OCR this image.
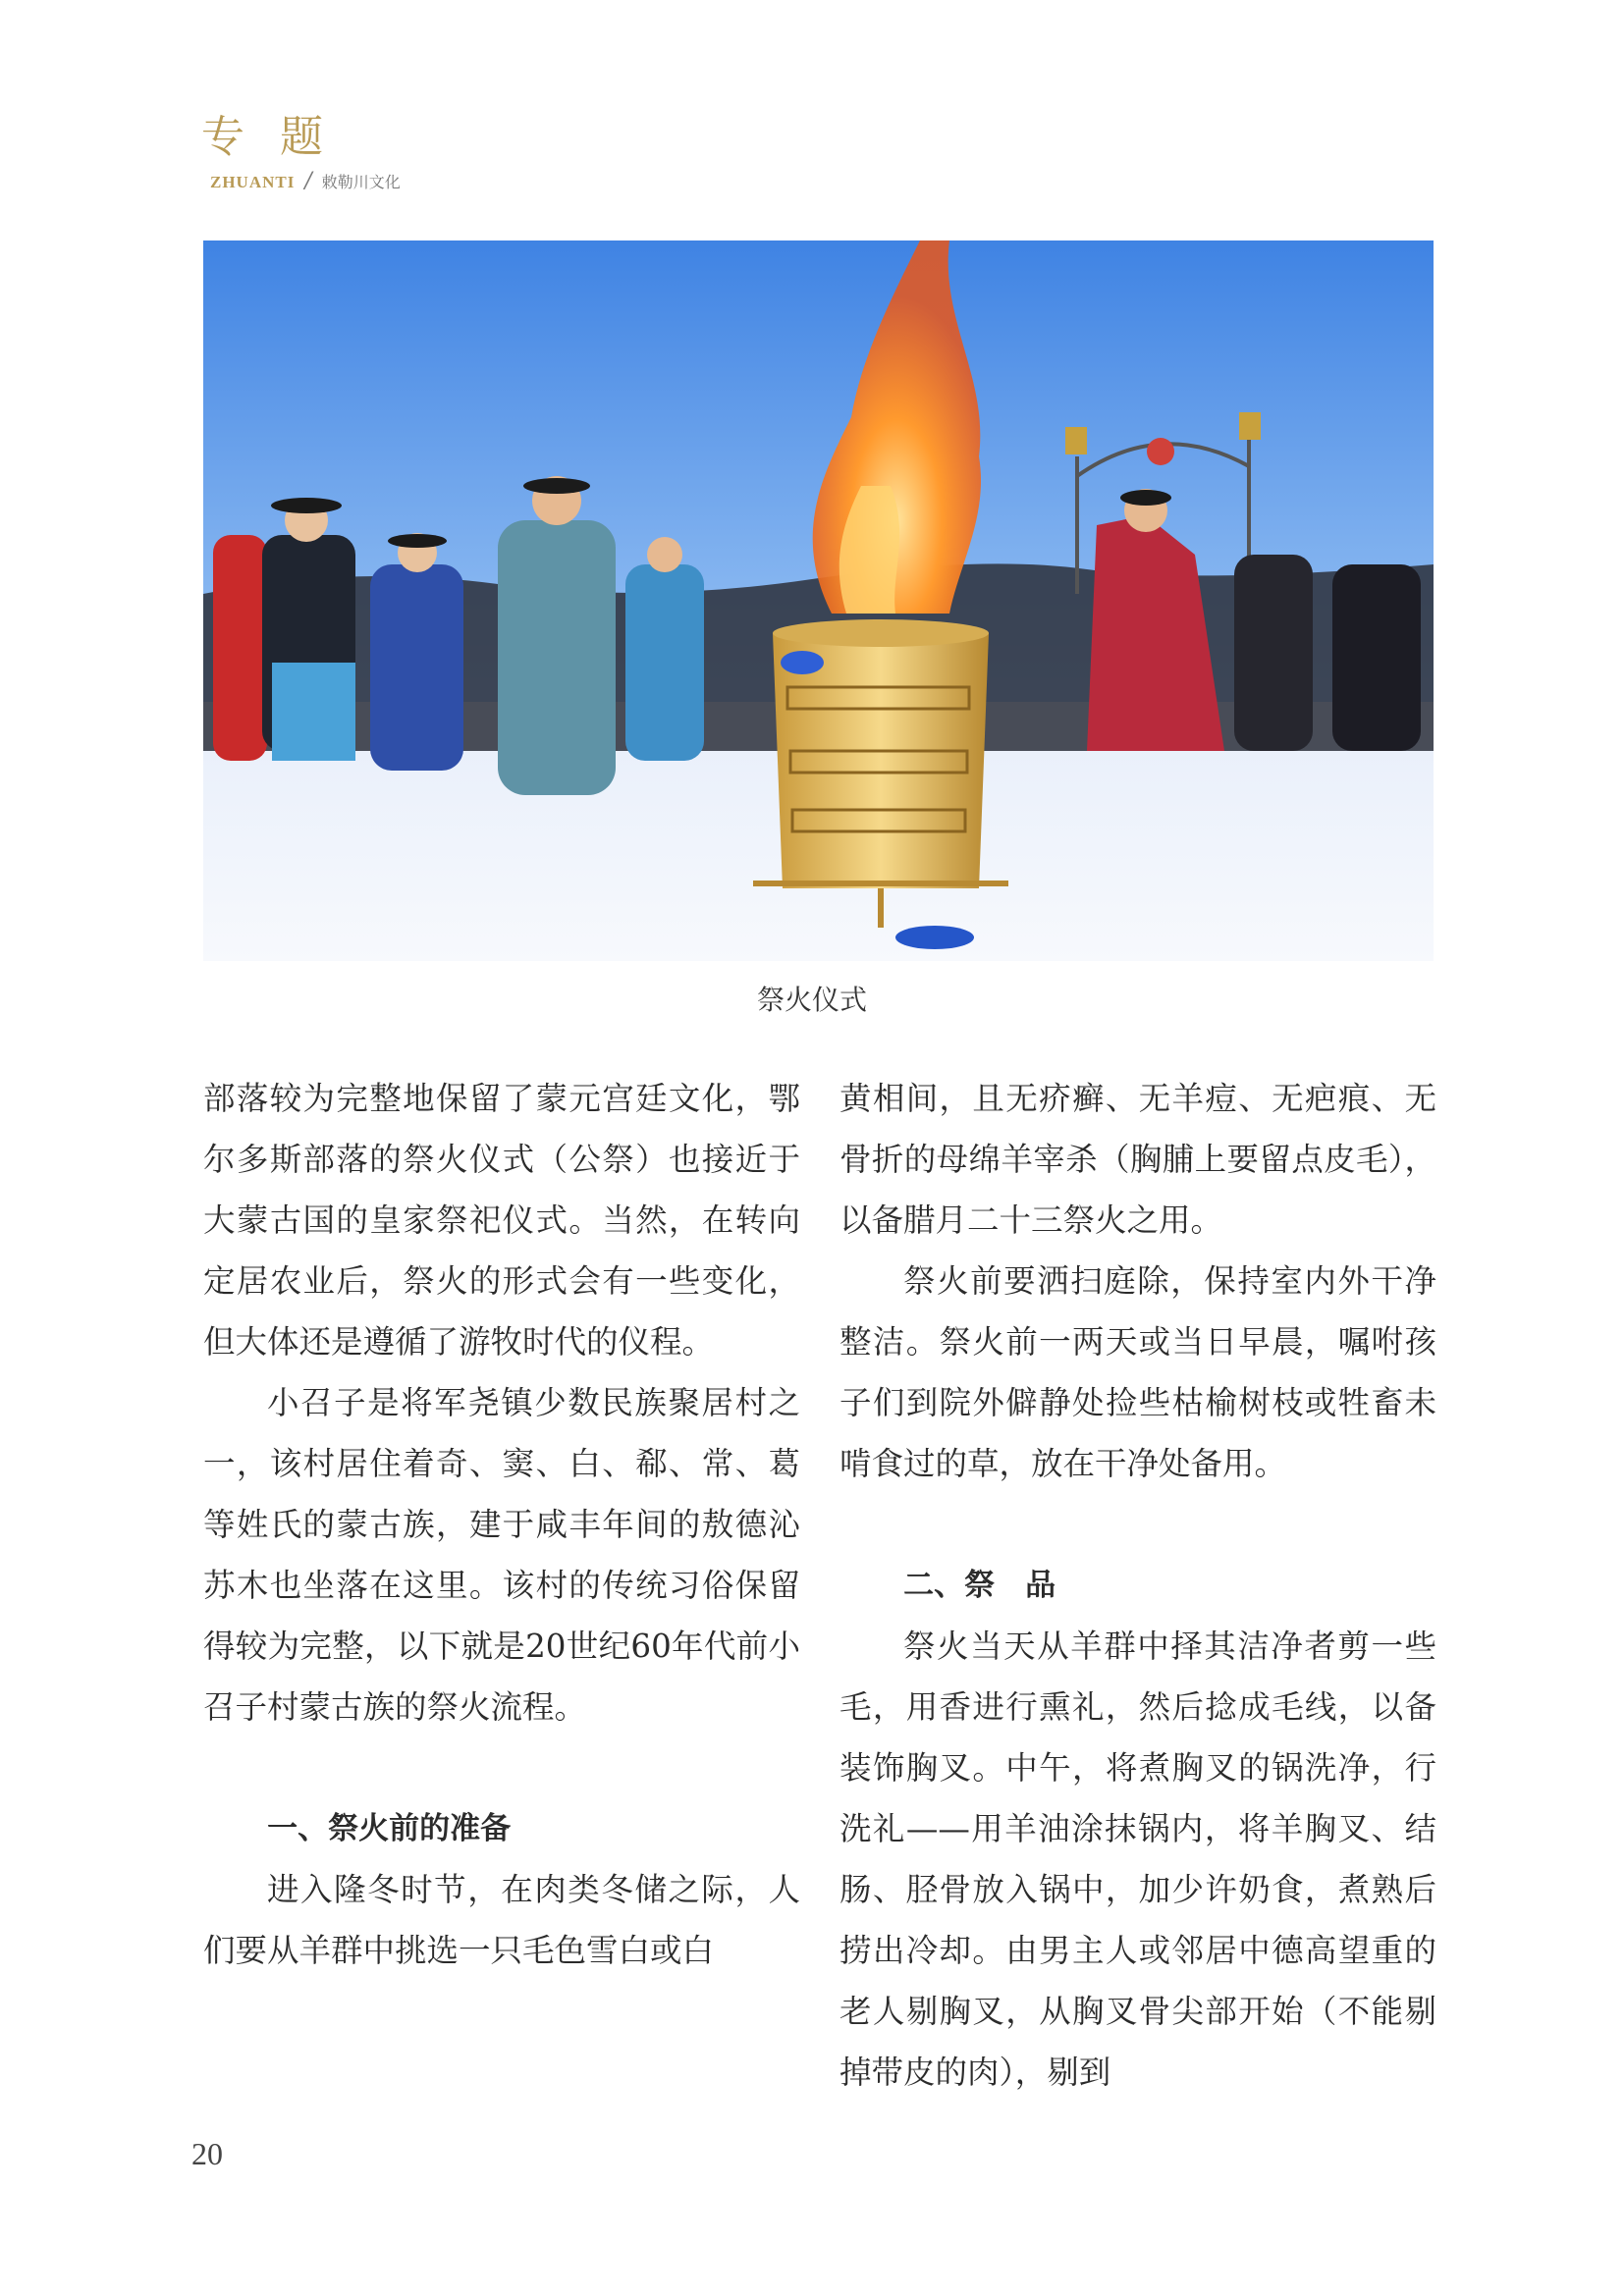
专题
ZHUANTI / 敕勒川文化
祭火仪式

部落较为完整地保留了蒙元宫廷文化，鄂尔多斯部落的祭火仪式（公祭）也接近于大蒙古国的皇家祭祀仪式。当然，在转向定居农业后，祭火的形式会有一些变化，但大体还是遵循了游牧时代的仪程。

小召子是将军尧镇少数民族聚居村之一，该村居住着奇、窦、白、郗、常、葛等姓氏的蒙古族，建于咸丰年间的敖德沁苏木也坐落在这里。该村的传统习俗保留得较为完整，以下就是20世纪60年代前小召子村蒙古族的祭火流程。

一、祭火前的准备

进入隆冬时节，在肉类冬储之际，人们要从羊群中挑选一只毛色雪白或白

黄相间，且无疥癣、无羊痘、无疤痕、无骨折的母绵羊宰杀（胸脯上要留点皮毛），以备腊月二十三祭火之用。

祭火前要洒扫庭除，保持室内外干净整洁。祭火前一两天或当日早晨，嘱咐孩子们到院外僻静处捡些枯榆树枝或牲畜未啃食过的草，放在干净处备用。

二、祭　品

祭火当天从羊群中择其洁净者剪一些毛，用香进行熏礼，然后捻成毛线，以备装饰胸叉。中午，将煮胸叉的锅洗净，行洗礼——用羊油涂抹锅内，将羊胸叉、结肠、胫骨放入锅中，加少许奶食，煮熟后捞出冷却。由男主人或邻居中德高望重的老人剔胸叉，从胸叉骨尖部开始（不能剔掉带皮的肉），剔到

20
